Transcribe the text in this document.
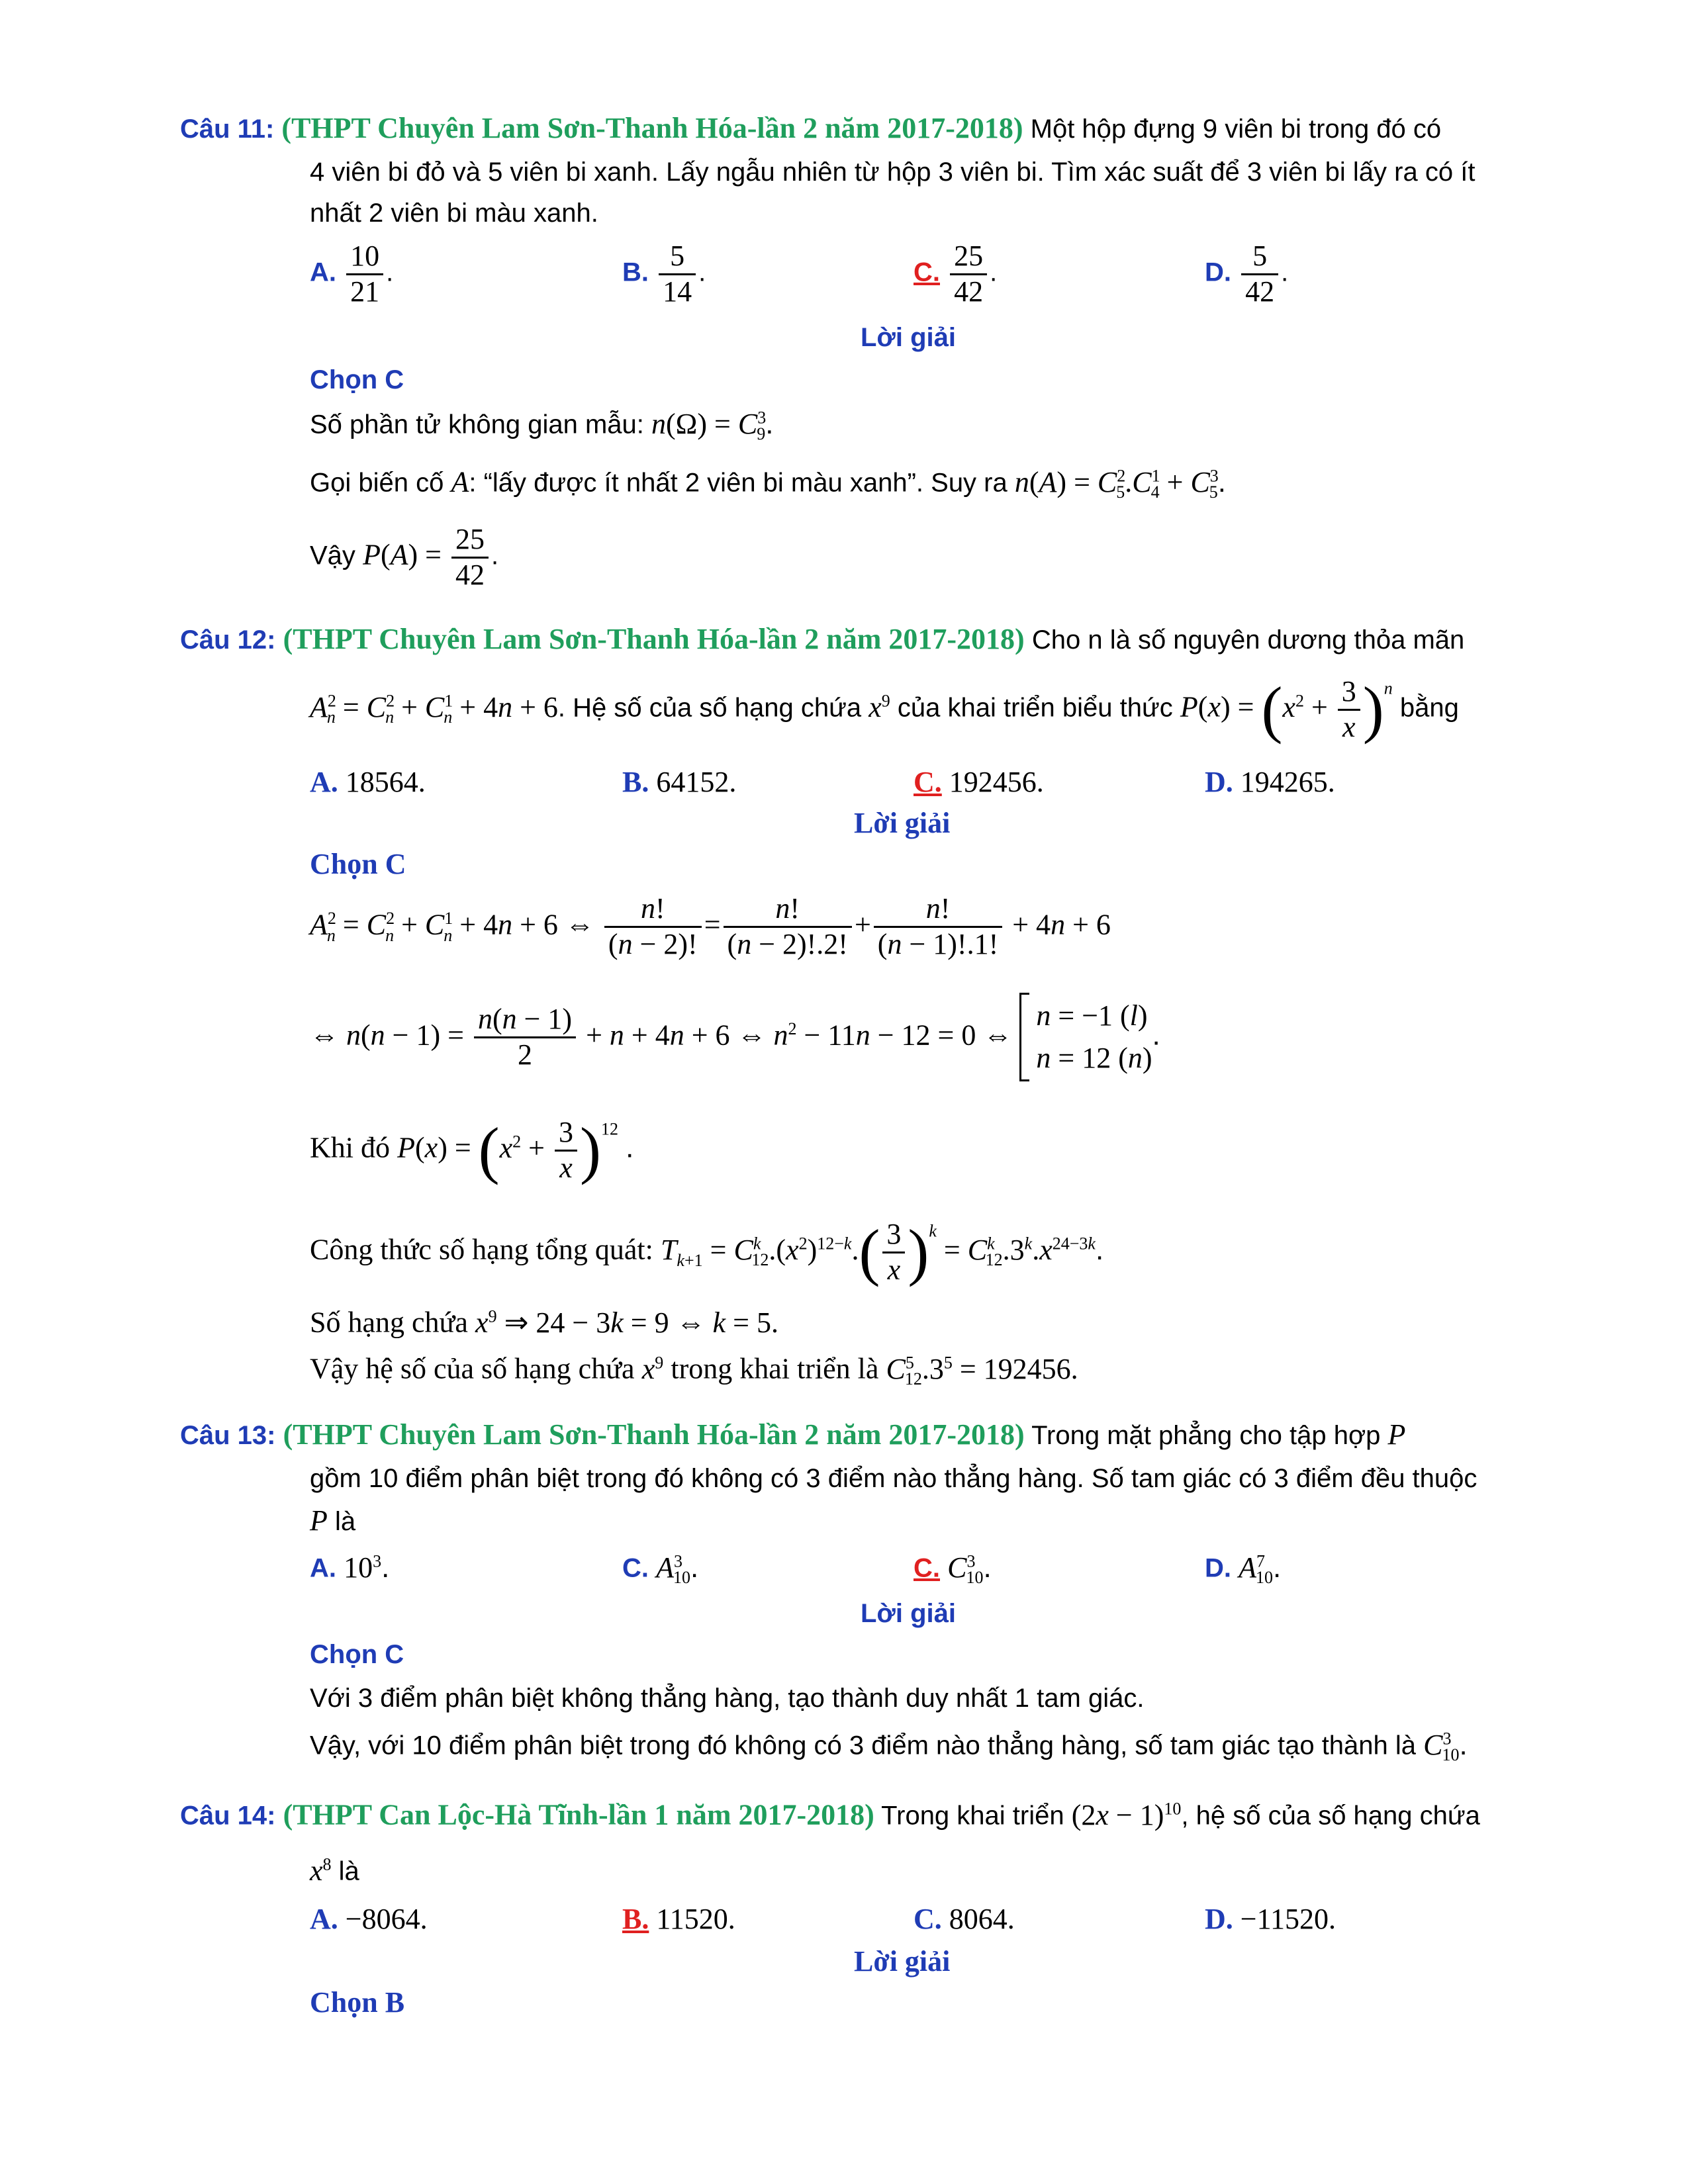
Câu 11: (THPT Chuyên Lam Sơn-Thanh Hóa-lần 2 năm 2017-2018) Một hộp đựng 9 viên bi trong đó có
4 viên bi đỏ và 5 viên bi xanh. Lấy ngẫu nhiên từ hộp 3 viên bi. Tìm xác suất để 3 viên bi lấy ra có ít
nhất 2 viên bi màu xanh.
A. $\frac{10}{21}$ .	B. $\frac{5}{14}$ .	C. $\frac{25}{42}$ .	D. $\frac{5}{42}$ .
Lời giải
Chọn C
Số phần tử không gian mẫu: $n(\Omega) = C^3_9$.
Gọi biến cố A: “lấy được ít nhất 2 viên bi màu xanh”. Suy ra $n(A) = C^2_5.C^1_4 + C^3_5$.
Vậy $P(A) = \frac{25}{42}$ .
Câu 12: (THPT Chuyên Lam Sơn-Thanh Hóa-lần 2 năm 2017-2018) Cho n là số nguyên dương thỏa mãn
$A^2_n = C^2_n + C^1_n + 4n + 6$. Hệ số của số hạng chứa $x^9$ của khai triển biểu thức $P(x) = (x^2 + \frac{3}{x} )^n$ bằng
A. 18564.	B. 64152.	C. 192456.	D. 194265.
Lời giải
Chọn C
$A^2_n = C^2_n + C^1_n + 4n + 6$ ⇔ $\frac{n!}{(n - 2)!} = \frac{n!}{(n - 2)!.2!} + \frac{n!}{(n - 1)!.1!} + 4n + 6$
⇔ $n(n - 1) = \frac{n(n - 1)}{2} + n + 4n + 6$ ⇔ $n^2 - 11n - 12 = 0$ ⇔ n = −1 (l)
n = 12 (n).
Khi đó $P(x) = (x^2 + \frac{3}{x} )^{12}$ .
Công thức số hạng tổng quát: $T_{k+1} = C^k_{12}.(x^2)^{12-k}.( \frac{3}{x} )^k = C^k_{12}.3^k.x^{24-3k}$.
Số hạng chứa $x^9$ ⇒ 24 − 3k = 9 ⇔ k = 5.
Vậy hệ số của số hạng chứa $x^9$ trong khai triển là $C^5_{12}.3^5 = 192456$.
Câu 13: (THPT Chuyên Lam Sơn-Thanh Hóa-lần 2 năm 2017-2018) Trong mặt phẳng cho tập hợp P
gồm 10 điểm phân biệt trong đó không có 3 điểm nào thẳng hàng. Số tam giác có 3 điểm đều thuộc
P là
A. $10^3$.	C. $A^3_{10}$.	C. $C^3_{10}$.	D. $A^7_{10}$.
Lời giải
Chọn C
Với 3 điểm phân biệt không thẳng hàng, tạo thành duy nhất 1 tam giác.
Vậy, với 10 điểm phân biệt trong đó không có 3 điểm nào thẳng hàng, số tam giác tạo thành là $C^3_{10}$.
Câu 14: (THPT Can Lộc-Hà Tĩnh-lần 1 năm 2017-2018) Trong khai triển $(2x - 1)^{10}$, hệ số của số hạng chứa
$x^8$ là
A. −8064.	B. 11520.	C. 8064.	D. −11520.
Lời giải
Chọn B
